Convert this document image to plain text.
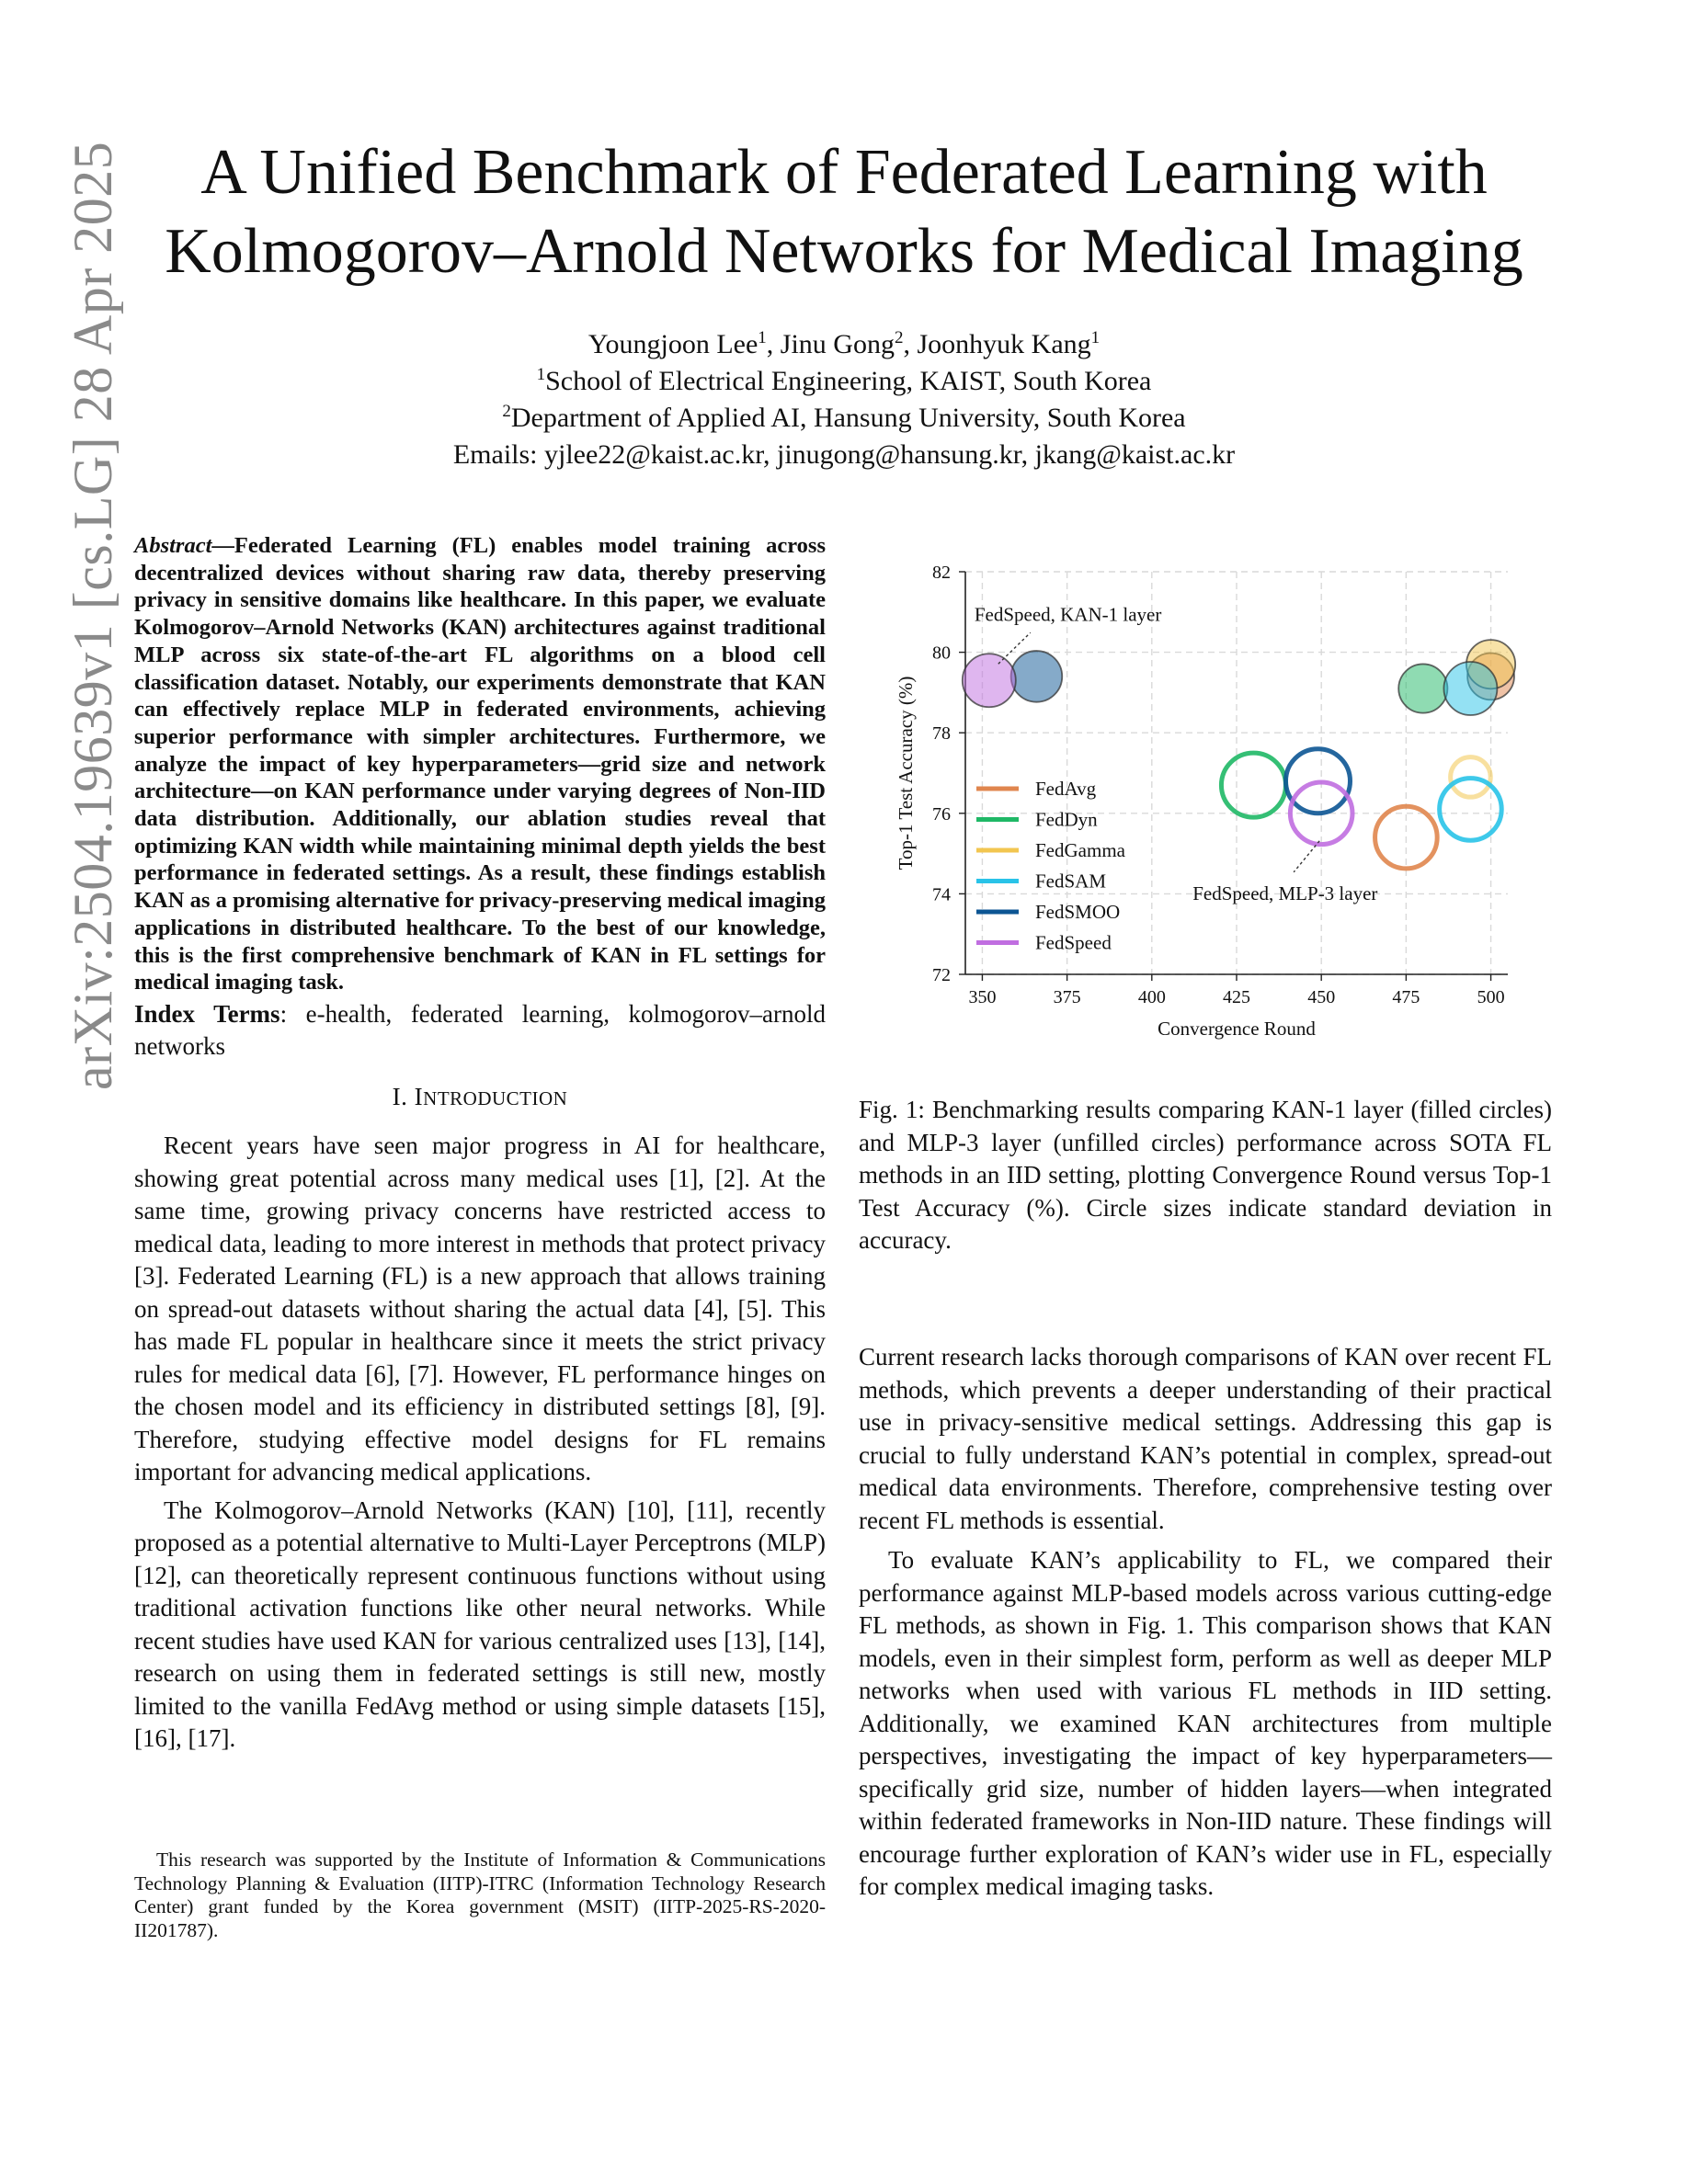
arXiv:2504.19639v1 [cs.LG] 28 Apr 2025	A Unified Benchmark of Federated Learning with
Kolmogorov–Arnold Networks for Medical Imaging
Youngjoon Lee$^1$, Jinu Gong$^2$, Joonhyuk Kang$^1$
$^1$School of Electrical Engineering, KAIST, South Korea
$^2$Department of Applied AI, Hansung University, South Korea
Emails: yjlee22@kaist.ac.kr, jinugong@hansung.kr, jkang@kaist.ac.kr

Abstract—Federated Learning (FL) enables model training across decentralized devices without sharing raw data, thereby preserving privacy in sensitive domains like healthcare. In this paper, we evaluate Kolmogorov–Arnold Networks (KAN) architectures against traditional MLP across six state-of-the-art FL algorithms on a blood cell classification dataset. Notably, our experiments demonstrate that KAN can effectively replace MLP in federated environments, achieving superior performance with simpler architectures. Furthermore, we analyze the impact of key hyperparameters—grid size and network architecture—on KAN performance under varying degrees of Non-IID data distribution. Additionally, our ablation studies reveal that optimizing KAN width while maintaining minimal depth yields the best performance in federated settings. As a result, these findings establish KAN as a promising alternative for privacy-preserving medical imaging applications in distributed healthcare. To the best of our knowledge, this is the first comprehensive benchmark of KAN in FL settings for medical imaging task.

Index Terms: e-health, federated learning, kolmogorov–arnold networks

I. INTRODUCTION

Recent years have seen major progress in AI for healthcare, showing great potential across many medical uses [1], [2]. At the same time, growing privacy concerns have restricted access to medical data, leading to more interest in methods that protect privacy [3]. Federated Learning (FL) is a new approach that allows training on spread-out datasets without sharing the actual data [4], [5]. This has made FL popular in healthcare since it meets the strict privacy rules for medical data [6], [7]. However, FL performance hinges on the chosen model and its efficiency in distributed settings [8], [9]. Therefore, studying effective model designs for FL remains important for advancing medical applications.

The Kolmogorov–Arnold Networks (KAN) [10], [11], recently proposed as a potential alternative to Multi-Layer Perceptrons (MLP) [12], can theoretically represent continuous functions without using traditional activation functions like other neural networks. While recent studies have used KAN for various centralized uses [13], [14], research on using them in federated settings is still new, mostly limited to the vanilla FedAvg method or using simple datasets [15], [16], [17].

This research was supported by the Institute of Information & Communications Technology Planning & Evaluation (IITP)-ITRC (Information Technology Research Center) grant funded by the Korea government (MSIT) (IITP-2025-RS-2020-II201787).

350	375	400	425	450	475	500
72
74
76
78
80
82
FedSpeed, KAN-1 layer
FedSpeed, MLP-3 layer
FedAvg
FedDyn
FedGamma
FedSAM
FedSMOO
FedSpeed
Convergence Round
Top-1 Test Accuracy (%)

Fig. 1: Benchmarking results comparing KAN-1 layer (filled circles) and MLP-3 layer (unfilled circles) performance across SOTA FL methods in an IID setting, plotting Convergence Round versus Top-1 Test Accuracy (%). Circle sizes indicate standard deviation in accuracy.

Current research lacks thorough comparisons of KAN over recent FL methods, which prevents a deeper understanding of their practical use in privacy-sensitive medical settings. Addressing this gap is crucial to fully understand KAN’s potential in complex, spread-out medical data environments. Therefore, comprehensive testing over recent FL methods is essential.

To evaluate KAN’s applicability to FL, we compared their performance against MLP-based models across various cutting-edge FL methods, as shown in Fig. 1. This comparison shows that KAN models, even in their simplest form, perform as well as deeper MLP networks when used with various FL methods in IID setting. Additionally, we examined KAN architectures from multiple perspectives, investigating the impact of key hyperparameters—specifically grid size, number of hidden layers—when integrated within federated frameworks in Non-IID nature. These findings will encourage further exploration of KAN’s wider use in FL, especially for complex medical imaging tasks.
